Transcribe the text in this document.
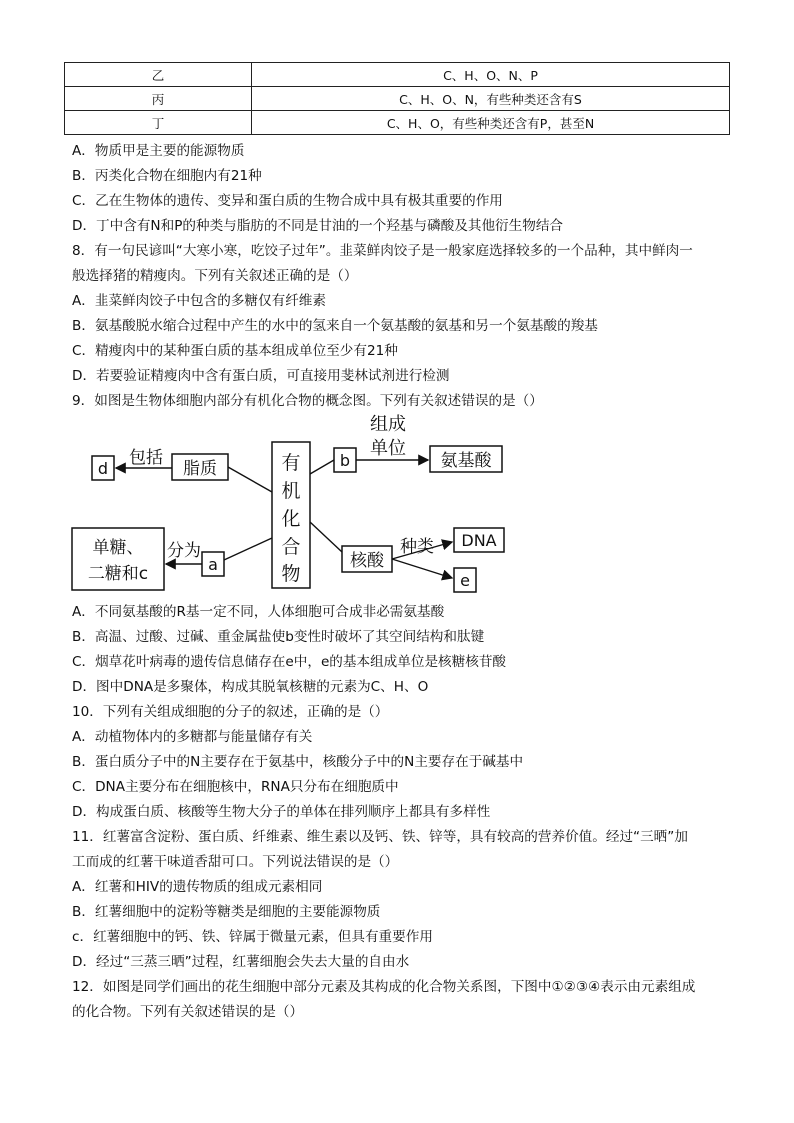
乙	C、H、O、N、P
丙	C、H、O、N，有些种类还含有S
丁	C、H、O，有些种类还含有P，甚至N
A．物质甲是主要的能源物质
B．丙类化合物在细胞内有21种
C．乙在生物体的遗传、变异和蛋白质的生物合成中具有极其重要的作用
D．丁中含有N和P的种类与脂肪的不同是甘油的一个羟基与磷酸及其他衍生物结合
8．有一句民谚叫“大寒小寒，吃饺子过年”。韭菜鲜肉饺子是一般家庭选择较多的一个品种，其中鲜肉一
般选择猪的精瘦肉。下列有关叙述正确的是（）
A．韭菜鲜肉饺子中包含的多糖仅有纤维素
B．氨基酸脱水缩合过程中产生的水中的氢来自一个氨基酸的氨基和另一个氨基酸的羧基
C．精瘦肉中的某种蛋白质的基本组成单位至少有21种
D．若要验证精瘦肉中含有蛋白质，可直接用斐林试剂进行检测
9．如图是生物体细胞内部分有机化合物的概念图。下列有关叙述错误的是（）
有
机
化
合
物
d	脂质
包括	b
组成
单位
氨基酸
单糖、
二糖和c	a
分为	核酸
种类 DNA
e
A．不同氨基酸的R基一定不同，人体细胞可合成非必需氨基酸
B．高温、过酸、过碱、重金属盐使b变性时破坏了其空间结构和肽键
C．烟草花叶病毒的遗传信息储存在e中，e的基本组成单位是核糖核苷酸
D．图中DNA是多聚体，构成其脱氧核糖的元素为C、H、O
10．下列有关组成细胞的分子的叙述，正确的是（）
A．动植物体内的多糖都与能量储存有关
B．蛋白质分子中的N主要存在于氨基中，核酸分子中的N主要存在于碱基中
C．DNA主要分布在细胞核中，RNA只分布在细胞质中
D．构成蛋白质、核酸等生物大分子的单体在排列顺序上都具有多样性
11．红薯富含淀粉、蛋白质、纤维素、维生素以及钙、铁、锌等，具有较高的营养价值。经过“三晒”加
工而成的红薯干味道香甜可口。下列说法错误的是（）
A．红薯和HIV的遗传物质的组成元素相同
B．红薯细胞中的淀粉等糖类是细胞的主要能源物质
c．红薯细胞中的钙、铁、锌属于微量元素，但具有重要作用
D．经过“三蒸三晒”过程，红薯细胞会失去大量的自由水
12．如图是同学们画出的花生细胞中部分元素及其构成的化合物关系图，下图中①②③④表示由元素组成
的化合物。下列有关叙述错误的是（）
